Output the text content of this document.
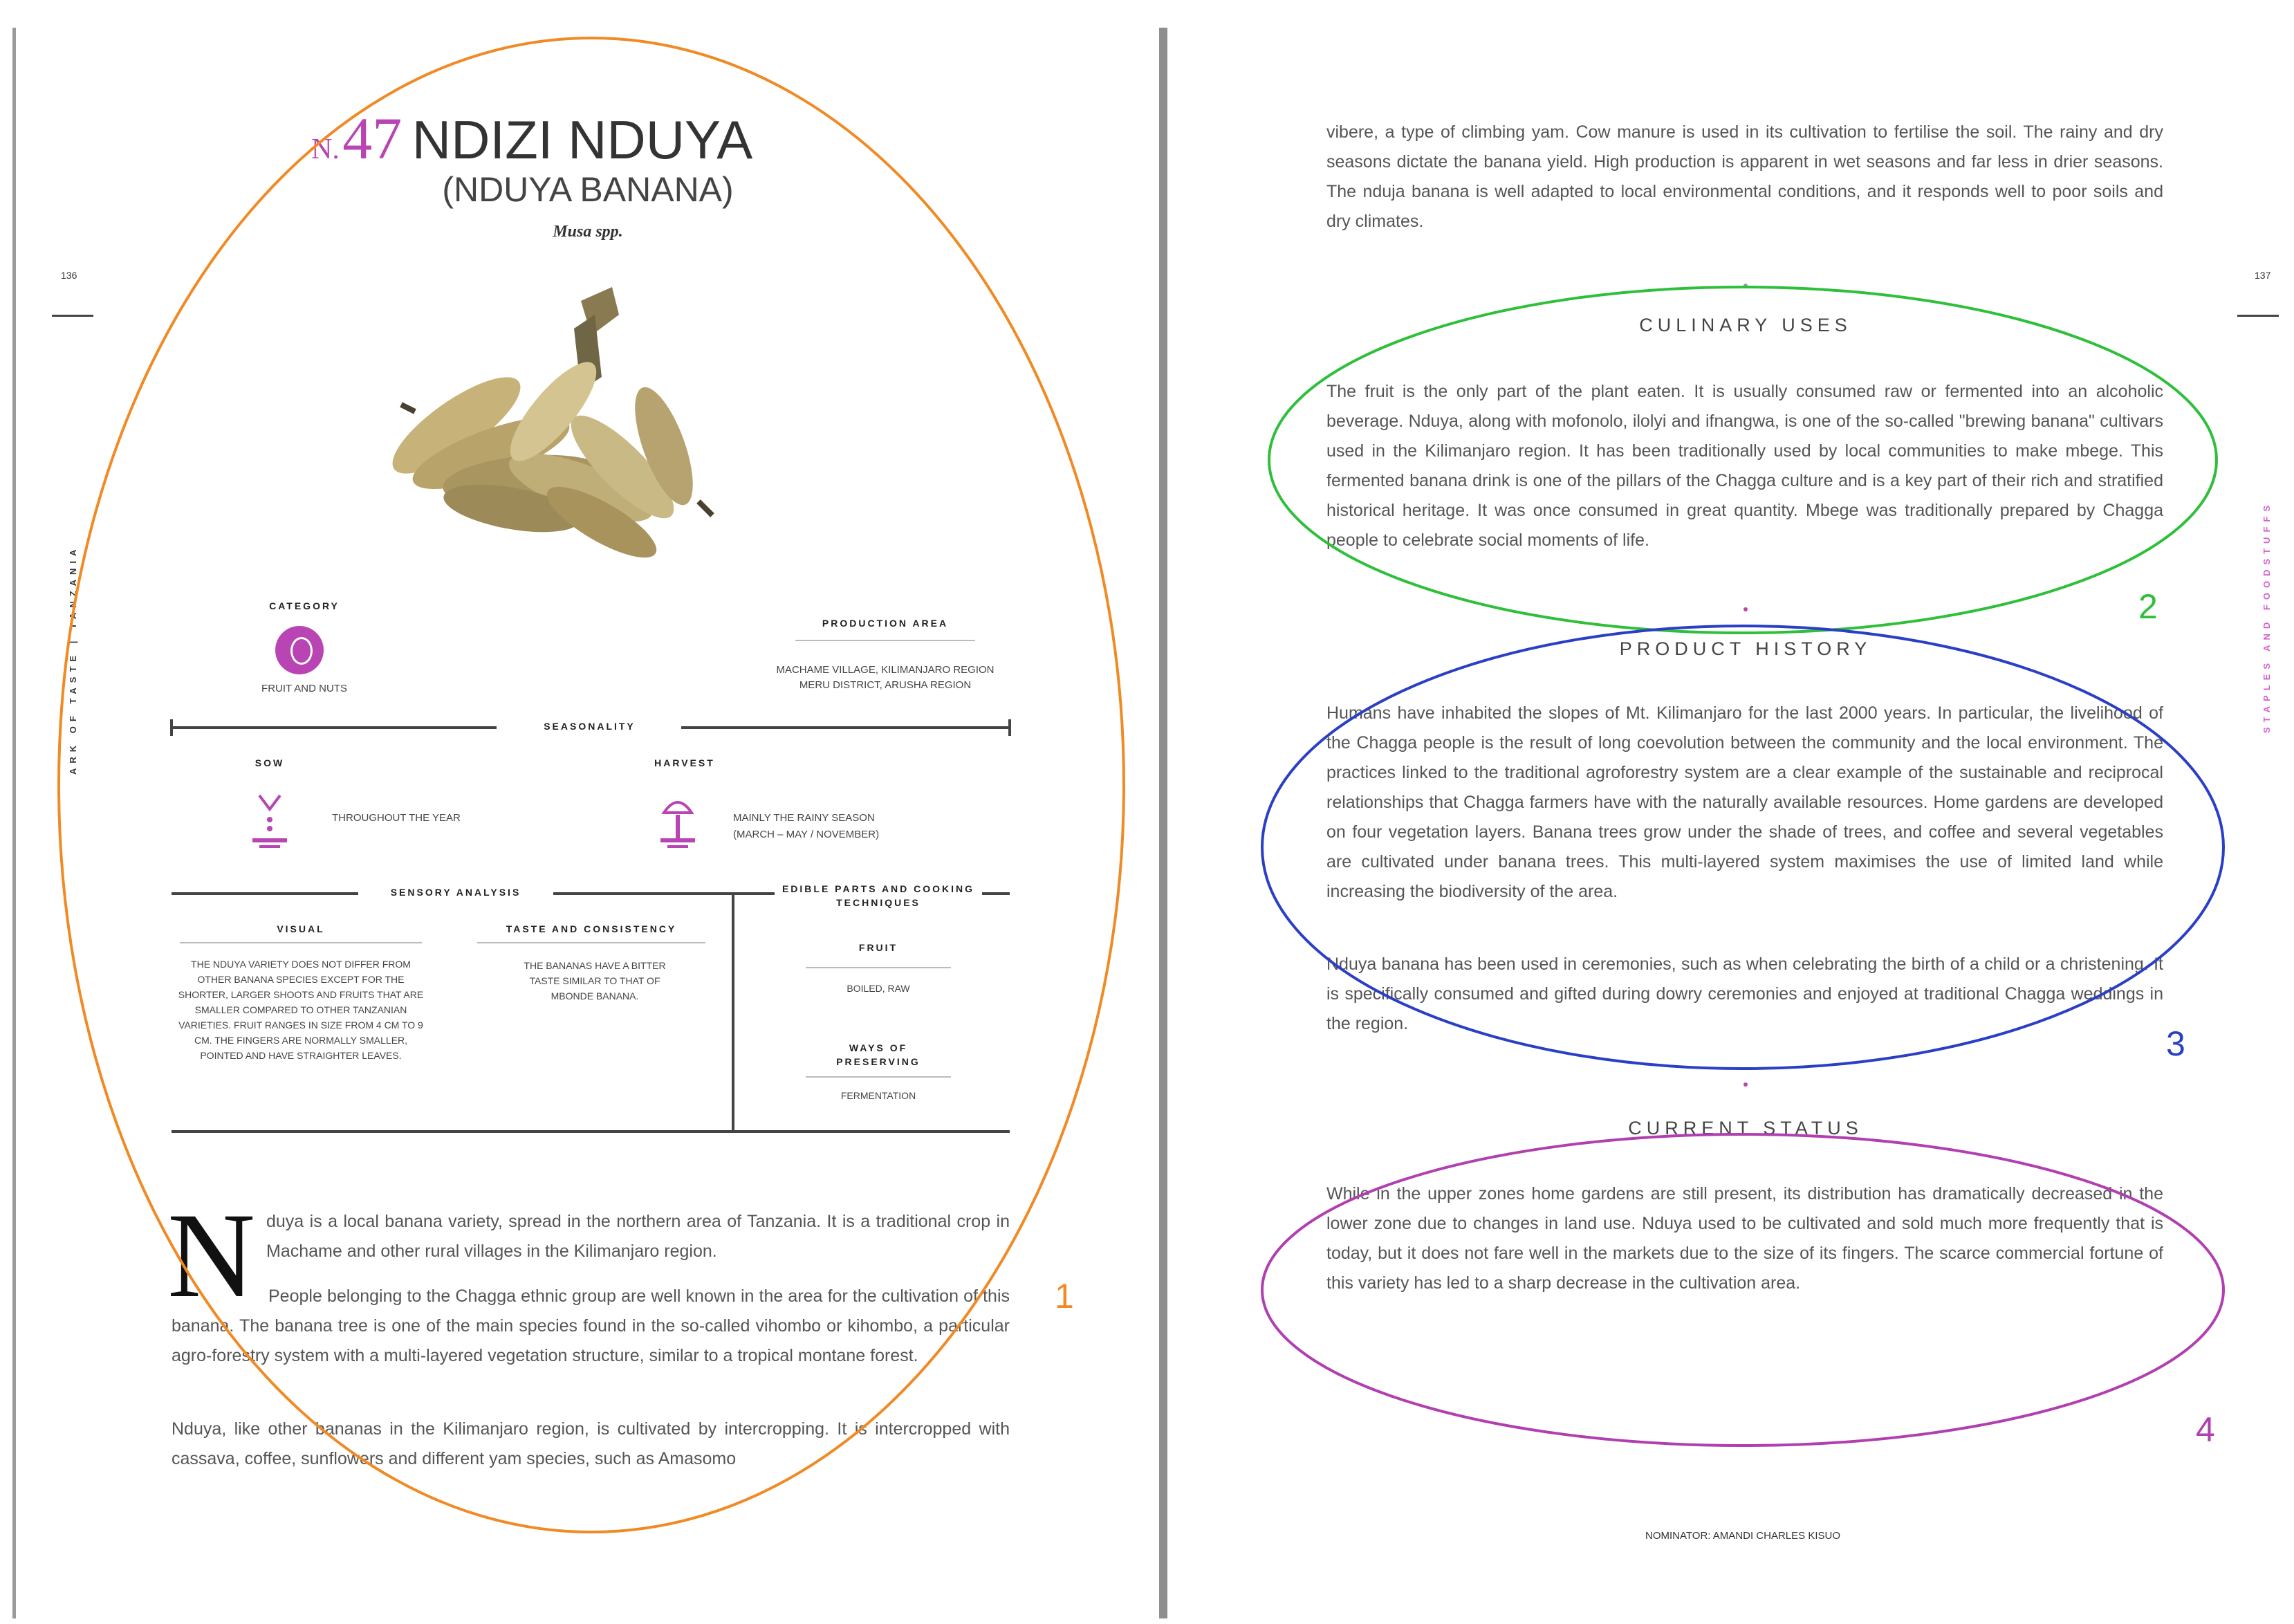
136
ARK OF TASTE | TANZANIA
N. 47 NDIZI NDUYA
(NDUYA BANANA)
Musa spp.
CATEGORY
FRUIT AND NUTS
PRODUCTION AREA
MACHAME VILLAGE, KILIMANJARO REGION
MERU DISTRICT, ARUSHA REGION
SEASONALITY
SOW
THROUGHOUT THE YEAR
HARVEST
MAINLY THE RAINY SEASON
(MARCH – MAY / NOVEMBER)
SENSORY ANALYSIS	EDIBLE PARTS AND COOKING TECHNIQUES
VISUAL
THE NDUYA VARIETY DOES NOT DIFFER FROM OTHER BANANA SPECIES EXCEPT FOR THE SHORTER, LARGER SHOOTS AND FRUITS THAT ARE SMALLER COMPARED TO OTHER TANZANIAN VARIETIES. FRUIT RANGES IN SIZE FROM 4 CM TO 9 CM. THE FINGERS ARE NORMALLY SMALLER, POINTED AND HAVE STRAIGHTER LEAVES.
TASTE AND CONSISTENCY
THE BANANAS HAVE A BITTER TASTE SIMILAR TO THAT OF MBONDE BANANA.
FRUIT
BOILED, RAW
WAYS OF PRESERVING
FERMENTATION
N duya is a local banana variety, spread in the northern area of Tanzania. It is a traditional crop in Machame and other rural villages in the Kilimanjaro region.
People belonging to the Chagga ethnic group are well known in the area for the cultivation of this banana. The banana tree is one of the main species found in the so-called vihombo or kihombo, a particular agro-forestry system with a multi-layered vegetation structure, similar to a tropical montane forest.
Nduya, like other bananas in the Kilimanjaro region, is cultivated by intercropping. It is intercropped with cassava, coffee, sunflowers and different yam species, such as Amasomo
137
STAPLES AND FOODSTUFFS
vibere, a type of climbing yam. Cow manure is used in its cultivation to fertilise the soil. The rainy and dry seasons dictate the banana yield. High production is apparent in wet seasons and far less in drier seasons. The nduja banana is well adapted to local environmental conditions, and it responds well to poor soils and dry climates.
CULINARY USES
The fruit is the only part of the plant eaten. It is usually consumed raw or fermented into an alcoholic beverage. Nduya, along with mofonolo, ilolyi and ifnangwa, is one of the so-called "brewing banana" cultivars used in the Kilimanjaro region. It has been traditionally used by local communities to make mbege. This fermented banana drink is one of the pillars of the Chagga culture and is a key part of their rich and stratified historical heritage. It was once consumed in great quantity. Mbege was traditionally prepared by Chagga people to celebrate social moments of life.
PRODUCT HISTORY
Humans have inhabited the slopes of Mt. Kilimanjaro for the last 2000 years. In particular, the livelihood of the Chagga people is the result of long coevolution between the community and the local environment. The practices linked to the traditional agroforestry system are a clear example of the sustainable and reciprocal relationships that Chagga farmers have with the naturally available resources. Home gardens are developed on four vegetation layers. Banana trees grow under the shade of trees, and coffee and several vegetables are cultivated under banana trees. This multi-layered system maximises the use of limited land while increasing the biodiversity of the area.
Nduya banana has been used in ceremonies, such as when celebrating the birth of a child or a christening. It is specifically consumed and gifted during dowry ceremonies and enjoyed at traditional Chagga weddings in the region.
CURRENT STATUS
While in the upper zones home gardens are still present, its distribution has dramatically decreased in the lower zone due to changes in land use. Nduya used to be cultivated and sold much more frequently that is today, but it does not fare well in the markets due to the size of its fingers. The scarce commercial fortune of this variety has led to a sharp decrease in the cultivation area.
NOMINATOR: AMANDI CHARLES KISUO
1
2
3
4
